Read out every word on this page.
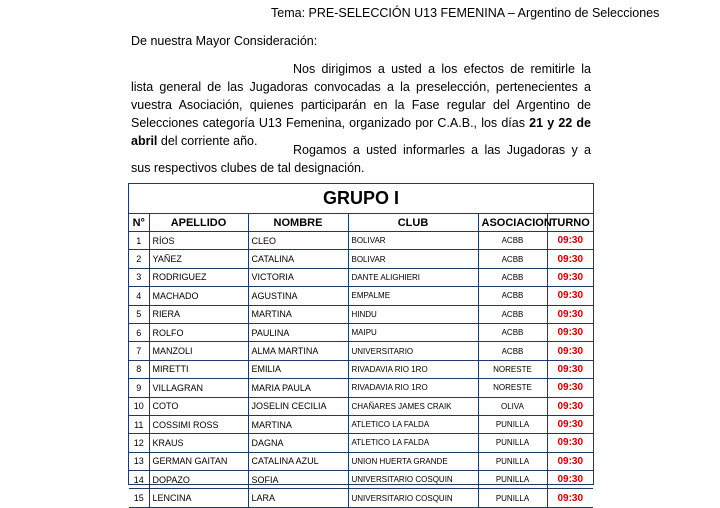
Tema: PRE-SELECCIÓN U13 FEMENINA – Argentino de Selecciones
De nuestra Mayor Consideración:
Nos dirigimos a usted a los efectos de remitirle la lista general de las Jugadoras convocadas a la preselección, pertenecientes a vuestra Asociación, quienes participarán en la Fase regular del Argentino de Selecciones categoría U13 Femenina, organizado por C.A.B., los días 21 y 22 de abril del corriente año.
Rogamos a usted informarles a las Jugadoras y a sus respectivos clubes de tal designación.
GRUPO I
N°	APELLIDO	NOMBRE	CLUB	ASOCIACION	TURNO
1	RÍOS	CLEO	BOLIVAR	ACBB	09:30
2	YAÑEZ	CATALINA	BOLIVAR	ACBB	09:30
3	RODRIGUEZ	VICTORIA	DANTE ALIGHIERI	ACBB	09:30
4	MACHADO	AGUSTINA	EMPALME	ACBB	09:30
5	RIERA	MARTINA	HINDU	ACBB	09:30
6	ROLFO	PAULINA	MAIPU	ACBB	09:30
7	MANZOLI	ALMA MARTINA	UNIVERSITARIO	ACBB	09:30
8	MIRETTI	EMILIA	RIVADAVIA RIO 1RO	NORESTE	09:30
9	VILLAGRAN	MARIA PAULA	RIVADAVIA RIO 1RO	NORESTE	09:30
10	COTO	JOSELIN CECILIA	CHAÑARES JAMES CRAIK	OLIVA	09:30
11	COSSIMI ROSS	MARTINA	ATLETICO LA FALDA	PUNILLA	09:30
12	KRAUS	DAGNA	ATLETICO LA FALDA	PUNILLA	09:30
13	GERMAN GAITAN	CATALINA AZUL	UNION HUERTA GRANDE	PUNILLA	09:30
14	DOPAZO	SOFIA	UNIVERSITARIO COSQUIN	PUNILLA	09:30
15	LENCINA	LARA	UNIVERSITARIO COSQUIN	PUNILLA	09:30
